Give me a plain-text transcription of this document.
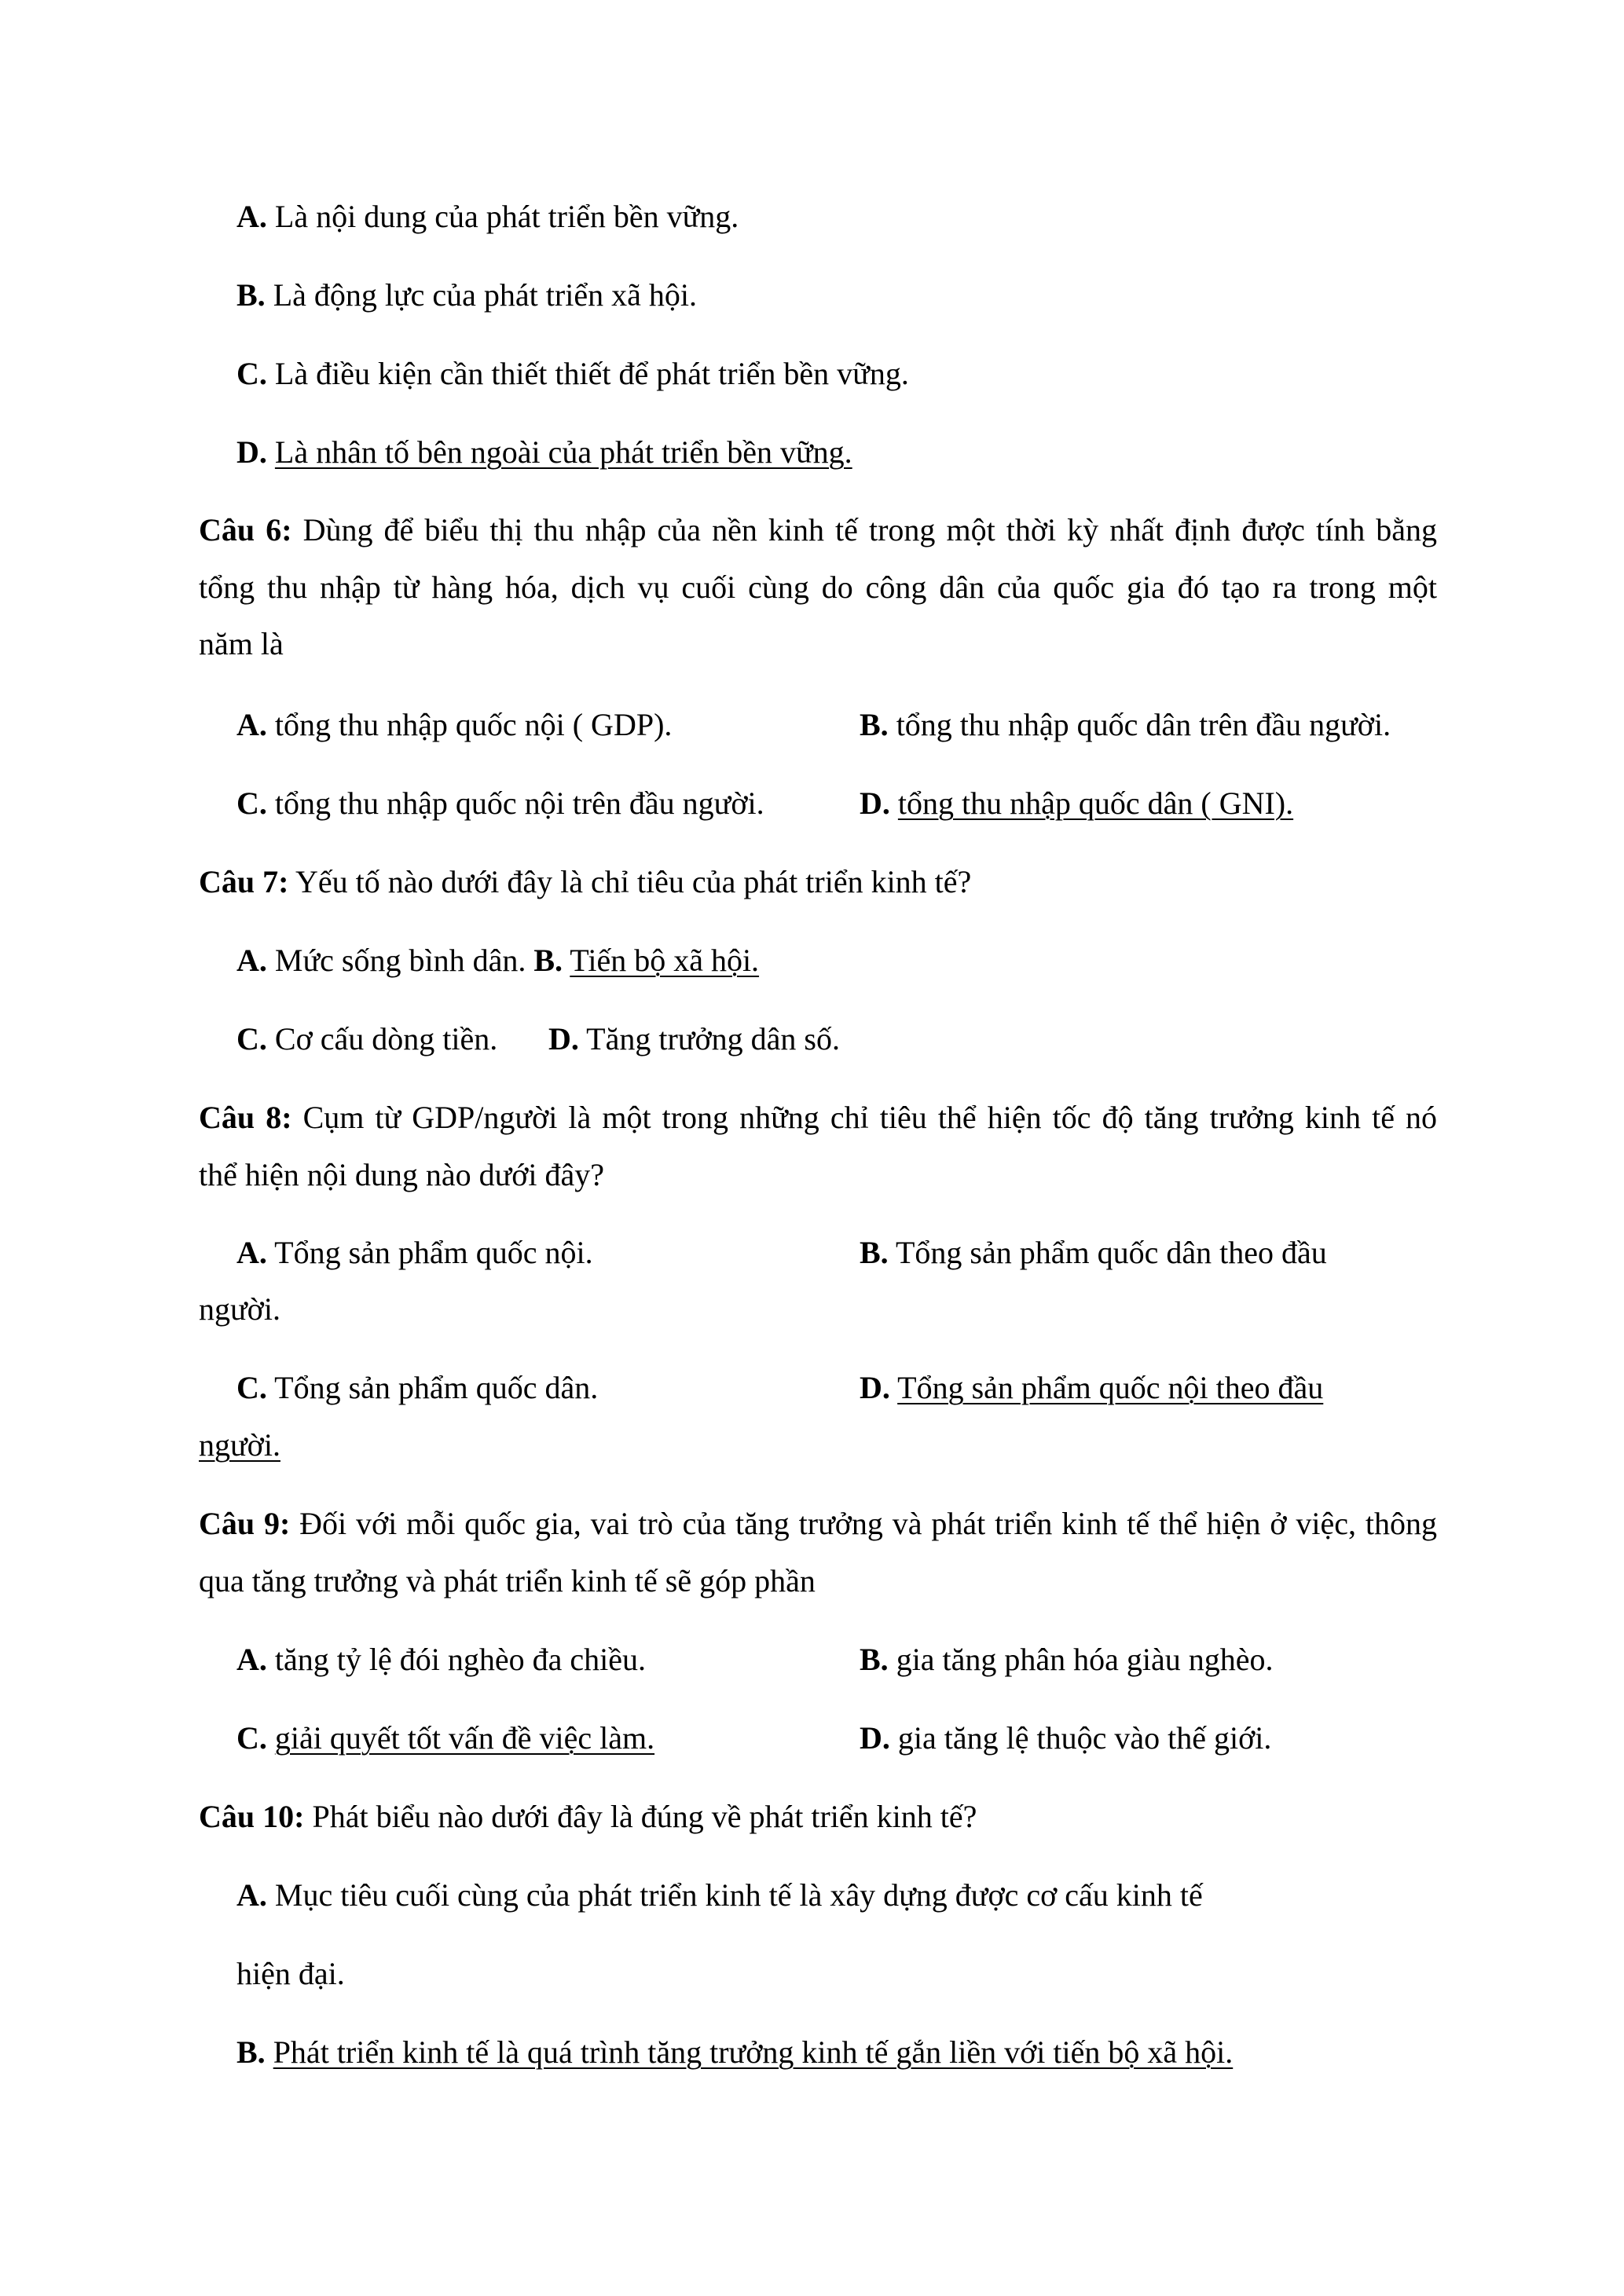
A. Là nội dung của phát triển bền vững.
B. Là động lực của phát triển xã hội.
C. Là điều kiện cần thiết thiết để phát triển bền vững.
D. Là nhân tố bên ngoài của phát triển bền vững.
Câu 6: Dùng để biểu thị thu nhập của nền kinh tế trong một thời kỳ nhất định được tính bằng
tổng thu nhập từ hàng hóa, dịch vụ cuối cùng do công dân của quốc gia đó tạo ra trong một
năm là
A. tổng thu nhập quốc nội ( GDP).	B. tổng thu nhập quốc dân trên đầu người.
C. tổng thu nhập quốc nội trên đầu người.	D. tổng thu nhập quốc dân ( GNI).
Câu 7: Yếu tố nào dưới đây là chỉ tiêu của phát triển kinh tế?
A. Mức sống bình dân. B. Tiến bộ xã hội.
C. Cơ cấu dòng tiền. D. Tăng trưởng dân số.
Câu 8: Cụm từ GDP/người là một trong những chỉ tiêu thể hiện tốc độ tăng trưởng kinh tế nó
thể hiện nội dung nào dưới đây?
A. Tổng sản phẩm quốc nội.	B. Tổng sản phẩm quốc dân theo đầu
người.
C. Tổng sản phẩm quốc dân.	D. Tổng sản phẩm quốc nội theo đầu
người.
Câu 9: Đối với mỗi quốc gia, vai trò của tăng trưởng và phát triển kinh tế thể hiện ở việc, thông
qua tăng trưởng và phát triển kinh tế sẽ góp phần
A. tăng tỷ lệ đói nghèo đa chiều.	B. gia tăng phân hóa giàu nghèo.
C. giải quyết tốt vấn đề việc làm.	D. gia tăng lệ thuộc vào thế giới.
Câu 10: Phát biểu nào dưới đây là đúng về phát triển kinh tế?
A. Mục tiêu cuối cùng của phát triển kinh tế là xây dựng được cơ cấu kinh tế
hiện đại.
B. Phát triển kinh tế là quá trình tăng trưởng kinh tế gắn liền với tiến bộ xã hội.
